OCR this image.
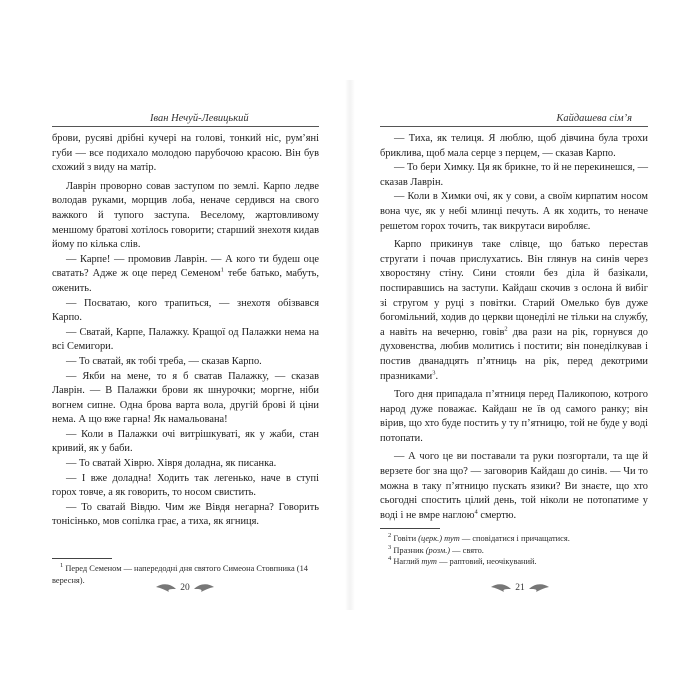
Іван Нечуй-Левицький

брови, русяві дрібні кучері на голові, тонкий ніс, рум’яні губи — все подихало молодою парубочою красою. Він був схожий з виду на матір.

Лаврін проворно совав заступом по землі. Карпо ледве володав руками, морщив лоба, неначе сердився на свого важкого й тупого заступа. Веселому, жартовливому меншому братові хотілось говорити; старший знехотя кидав йому по кілька слів.

— Карпе! — промовив Лаврін. — А кого ти будеш оце сватать? Адже ж оце перед Семеном$^1$ тебе батько, мабуть, оженить.

— Посватаю, кого трапиться, — знехотя обізвався Карпо.

— Сватай, Карпе, Палажку. Кращої од Палажки нема на всі Семигори.

— То сватай, як тобі треба, — сказав Карпо.

— Якби на мене, то я б сватав Палажку, — сказав Лаврін. — В Палажки брови як шнурочки; моргне, ніби вогнем сипне. Одна брова варта вола, другій брові й ціни нема. А що вже гарна! Як намальована!

— Коли в Палажки очі витрішкуваті, як у жаби, стан кривий, як у баби.

— То сватай Хіврю. Хівря доладна, як писанка.

— І вже доладна! Ходить так легенько, наче в ступі горох товче, а як говорить, то носом свистить.

— То сватай Вівдю. Чим же Вівдя негарна? Говорить тонісінько, мов сопілка грає, а тиха, як ягниця.

$^1$ Перед Семеном — напередодні дня святого Симеона Стовпника (14 вересня).

20
Кайдашева сім’я

— Тиха, як телиця. Я люблю, щоб дівчина була трохи бриклива, щоб мала серце з перцем, — сказав Карпо.

— То бери Химку. Ця як брикне, то й не перекинешся, — сказав Лаврін.

— Коли в Химки очі, як у сови, а своїм кирпатим носом вона чує, як у небі млинці печуть. А як ходить, то неначе решетом горох точить, так викрутаси виробляє.

Карпо прикинув таке слівце, що батько перестав стругати і почав прислухатись. Він глянув на синів через хворостяну стіну. Сини стояли без діла й базікали, поспиравшись на заступи. Кайдаш скочив з ослона й вибіг зі стругом у руці з повітки. Старий Омелько був дуже богомільний, ходив до церкви щонеділі не тільки на службу, а навіть на вечерню, говів$^2$ два рази на рік, горнувся до духовенства, любив молитись і постити; він понеділкував і постив дванадцять п’ятниць на рік, перед декотрими празниками$^3$.

Того дня припадала п’ятниця перед Паликопою, котрого народ дуже поважає. Кайдаш не їв од самого ранку; він вірив, що хто буде постить у ту п’ятницю, той не буде у воді потопати.

— А чого це ви поставали та руки позгортали, та ще й верзете бог зна що? — заговорив Кайдаш до синів. — Чи то можна в таку п’ятницю пускать язики? Ви знаєте, що хто сьогодні спостить цілий день, той ніколи не потопатиме у воді і не вмре наглою$^4$ смертю.

$^2$ Говіти (церк.) тут — сповідатися і причащатися.

$^3$ Празник (розм.) — свято.

$^4$ Наглий тут — раптовий, неочікуваний.

21
